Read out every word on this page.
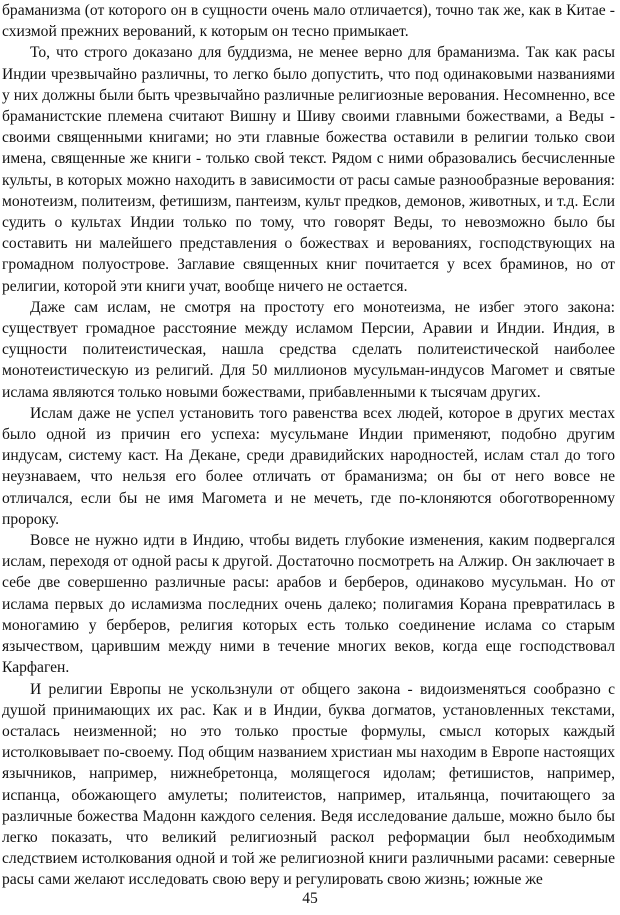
браманизма (от которого он в сущности очень мало отличается), точно так же, как в Китае - схизмой прежних верований, к которым он тесно примыкает.

То, что строго доказано для буддизма, не менее верно для браманизма. Так как расы Индии чрезвычайно различны, то легко было допустить, что под одинаковыми названиями у них должны были быть чрезвычайно различные религиозные верования. Несомненно, все браманистские племена считают Вишну и Шиву своими главными божествами, а Веды - своими священными книгами; но эти главные божества оставили в религии только свои имена, священные же книги - только свой текст. Рядом с ними образовались бесчисленные культы, в которых можно находить в зависимости от расы самые разнообразные верования: монотеизм, политеизм, фетишизм, пантеизм, культ предков, демонов, животных, и т.д. Если судить о культах Индии только по тому, что говорят Веды, то невозможно было бы составить ни малейшего представления о божествах и верованиях, господствующих на громадном полуострове. Заглавие священных книг почитается у всех браминов, но от религии, которой эти книги учат, вообще ничего не остается.

Даже сам ислам, не смотря на простоту его монотеизма, не избег этого закона: существует громадное расстояние между исламом Персии, Аравии и Индии. Индия, в сущности политеистическая, нашла средства сделать политеистической наиболее монотеистическую из религий. Для 50 миллионов мусульман-индусов Магомет и святые ислама являются только новыми божествами, прибавленными к тысячам других.

Ислам даже не успел установить того равенства всех людей, которое в других местах было одной из причин его успеха: мусульмане Индии применяют, подобно другим индусам, систему каст. На Декане, среди дравидийских народностей, ислам стал до того неузнаваем, что нельзя его более отличать от браманизма; он бы от него вовсе не отличался, если бы не имя Магомета и не мечеть, где по-клоняются обоготворенному пророку.

Вовсе не нужно идти в Индию, чтобы видеть глубокие изменения, каким подвергался ислам, переходя от одной расы к другой. Достаточно посмотреть на Алжир. Он заключает в себе две совершенно различные расы: арабов и берберов, одинаково мусульман. Но от ислама первых до исламизма последних очень далеко; полигамия Корана превратилась в моногамию у берберов, религия которых есть только соединение ислама со старым язычеством, царившим между ними в течение многих веков, когда еще господствовал Карфаген.

И религии Европы не ускользнули от общего закона - видоизменяться сообразно с душой принимающих их рас. Как и в Индии, буква догматов, установленных текстами, осталась неизменной; но это только простые формулы, смысл которых каждый истолковывает по-своему. Под общим названием христиан мы находим в Европе настоящих язычников, например, нижнебретонца, молящегося идолам; фетишистов, например, испанца, обожающего амулеты; политеистов, например, итальянца, почитающего за различные божества Мадонн каждого селения. Ведя исследование дальше, можно было бы легко показать, что великий религиозный раскол реформации был необходимым следствием истолкования одной и той же религиозной книги различными расами: северные расы сами желают исследовать свою веру и регулировать свою жизнь; южные же

45
